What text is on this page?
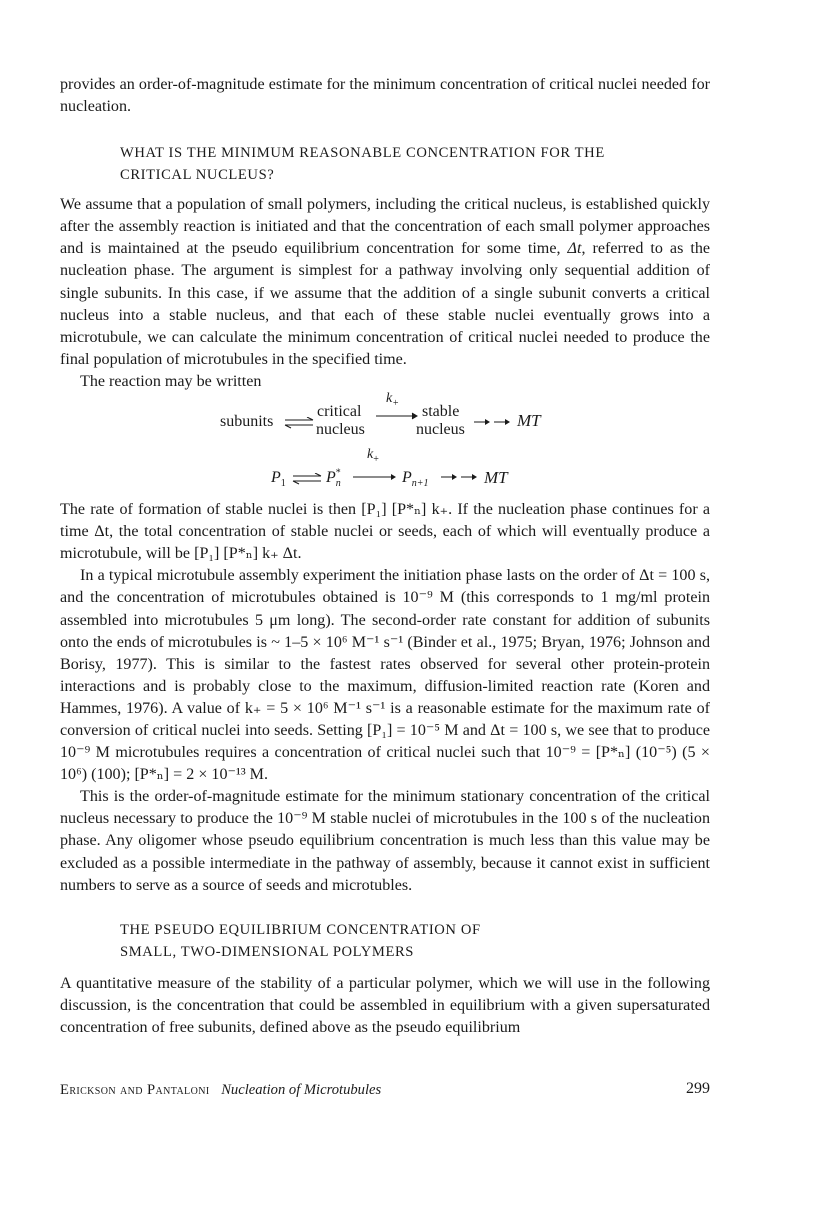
provides an order-of-magnitude estimate for the minimum concentration of critical nuclei needed for nucleation.

WHAT IS THE MINIMUM REASONABLE CONCENTRATION FOR THE
CRITICAL NUCLEUS?

We assume that a population of small polymers, including the critical nucleus, is established quickly after the assembly reaction is initiated and that the concentration of each small polymer approaches and is maintained at the pseudo equilibrium concentration for some time, Δt, referred to as the nucleation phase. The argument is simplest for a pathway involving only sequential addition of single subunits. In this case, if we assume that the addition of a single subunit converts a critical nucleus into a stable nucleus, and that each of these stable nuclei eventually grows into a microtubule, we can calculate the minimum concentration of critical nuclei needed to produce the final population of microtubules in the specified time.

The reaction may be written

subunits ⇌
critical
nucleus
$k_+$ stable
nucleus	MT
$P_1$ ⇌ $P^*_n$
$k_+$
$P_{n+1}$	MT

The rate of formation of stable nuclei is then [P₁] [P*ₙ] k₊. If the nucleation phase continues for a time Δt, the total concentration of stable nuclei or seeds, each of which will eventually produce a microtubule, will be [P₁] [P*ₙ] k₊ Δt.

In a typical microtubule assembly experiment the initiation phase lasts on the order of Δt = 100 s, and the concentration of microtubules obtained is 10⁻⁹ M (this corresponds to 1 mg/ml protein assembled into microtubules 5 μm long). The second-order rate constant for addition of subunits onto the ends of microtubules is ~ 1–5 × 10⁶ M⁻¹ s⁻¹ (Binder et al., 1975; Bryan, 1976; Johnson and Borisy, 1977). This is similar to the fastest rates observed for several other protein-protein interactions and is probably close to the maximum, diffusion-limited reaction rate (Koren and Hammes, 1976). A value of k₊ = 5 × 10⁶ M⁻¹ s⁻¹ is a reasonable estimate for the maximum rate of conversion of critical nuclei into seeds. Setting [P₁] = 10⁻⁵ M and Δt = 100 s, we see that to produce 10⁻⁹ M microtubules requires a concentration of critical nuclei such that 10⁻⁹ = [P*ₙ] (10⁻⁵) (5 × 10⁶) (100); [P*ₙ] = 2 × 10⁻¹³ M.

This is the order-of-magnitude estimate for the minimum stationary concentration of the critical nucleus necessary to produce the 10⁻⁹ M stable nuclei of microtubules in the 100 s of the nucleation phase. Any oligomer whose pseudo equilibrium concentration is much less than this value may be excluded as a possible intermediate in the pathway of assembly, because it cannot exist in sufficient numbers to serve as a source of seeds and microtubles.

THE PSEUDO EQUILIBRIUM CONCENTRATION OF
SMALL, TWO-DIMENSIONAL POLYMERS

A quantitative measure of the stability of a particular polymer, which we will use in the following discussion, is the concentration that could be assembled in equilibrium with a given supersaturated concentration of free subunits, defined above as the pseudo equilibrium

Erickson and Pantaloni Nucleation of Microtubules	299
